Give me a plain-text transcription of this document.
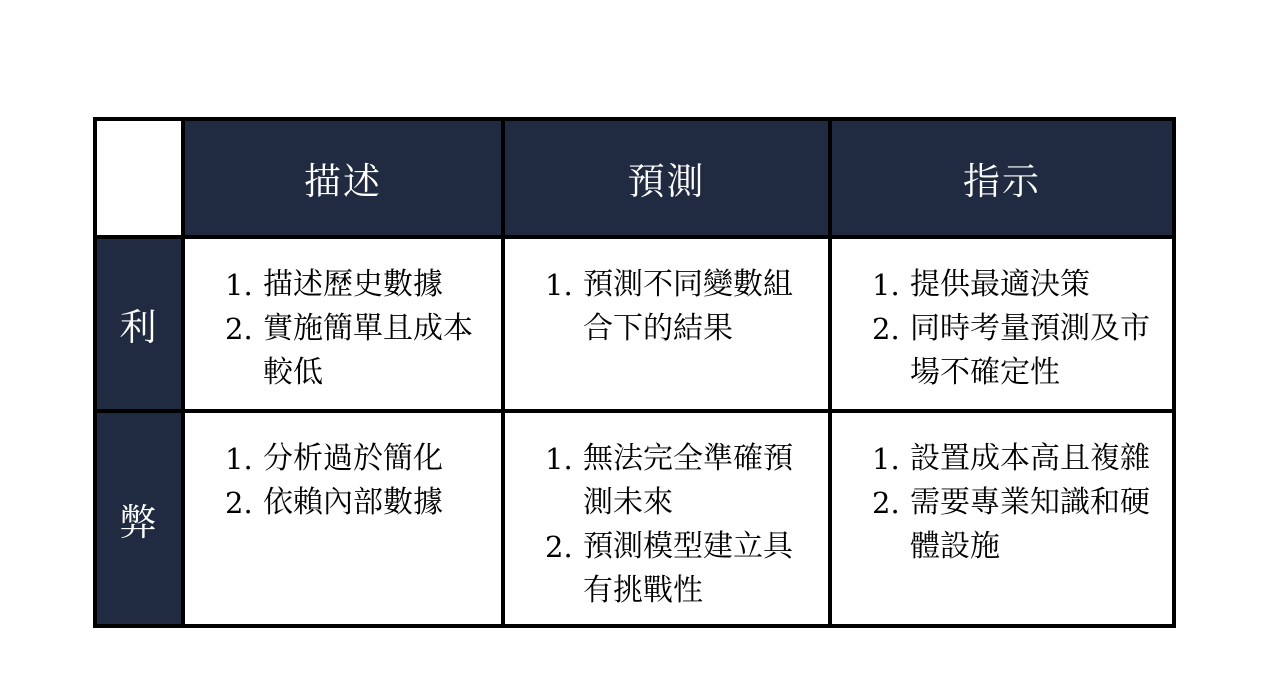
描述	預測	指示
利
描述歷史數據
實施簡單且成本較低
預測不同變數組合下的結果
提供最適決策
同時考量預測及市場不確定性
弊
分析過於簡化
依賴內部數據
無法完全準確預測未來
預測模型建立具有挑戰性
設置成本高且複雜
需要專業知識和硬體設施
